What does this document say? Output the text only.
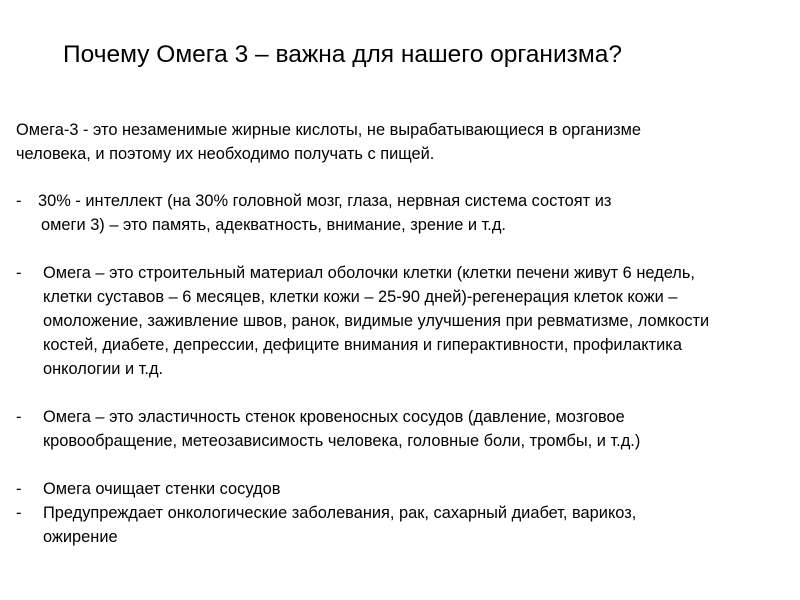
Почему Омега 3 – важна для нашего организма?
Омега-3 - это незаменимые жирные кислоты, не вырабатывающиеся в организме
человека, и поэтому их необходимо получать с пищей.
- 30% - интеллект (на 30% головной мозг, глаза, нервная система состоят из
омеги 3) – это память, адекватность, внимание, зрение и т.д.
- Омега – это строительный материал оболочки клетки (клетки печени живут 6 недель,
клетки суставов – 6 месяцев, клетки кожи – 25-90 дней)-регенерация клеток кожи –
омоложение, заживление швов, ранок, видимые улучшения при ревматизме, ломкости
костей, диабете, депрессии, дефиците внимания и гиперактивности, профилактика
онкологии и т.д.
- Омега – это эластичность стенок кровеносных сосудов (давление, мозговое
кровообращение, метеозависимость человека, головные боли, тромбы, и т.д.)
- Омега очищает стенки сосудов
- Предупреждает онкологические заболевания, рак, сахарный диабет, варикоз,
ожирение
